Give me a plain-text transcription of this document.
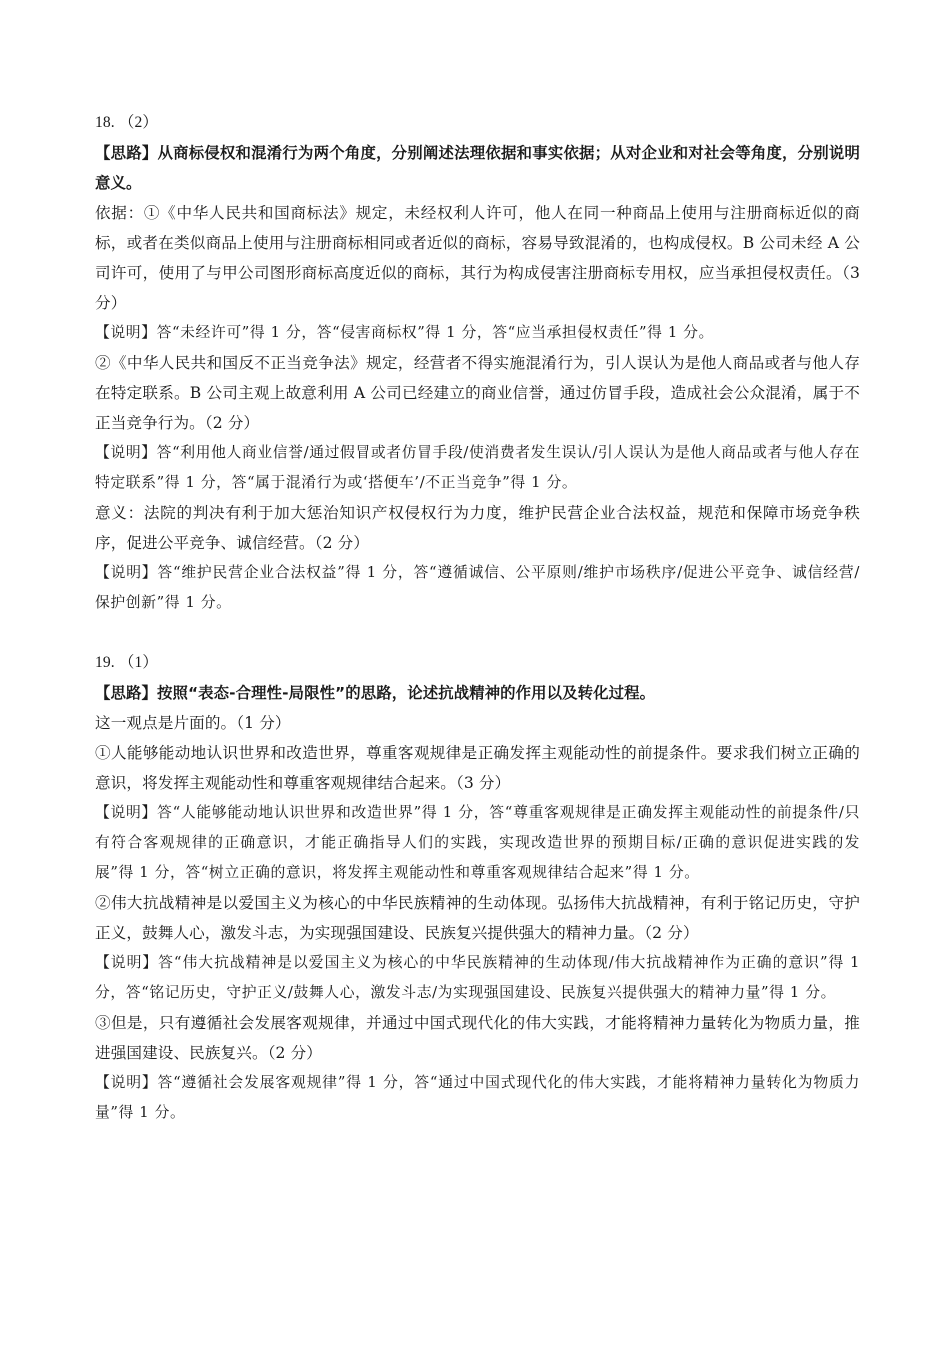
18. （2）

【思路】从商标侵权和混淆行为两个角度，分别阐述法理依据和事实依据；从对企业和对社会等角度，分别说明意义。

依据：①《中华人民共和国商标法》规定，未经权利人许可，他人在同一种商品上使用与注册商标近似的商标，或者在类似商品上使用与注册商标相同或者近似的商标，容易导致混淆的，也构成侵权。B 公司未经 A 公司许可，使用了与甲公司图形商标高度近似的商标，其行为构成侵害注册商标专用权，应当承担侵权责任。（3 分）

【说明】答“未经许可”得 1 分，答“侵害商标权”得 1 分，答“应当承担侵权责任”得 1 分。

②《中华人民共和国反不正当竞争法》规定，经营者不得实施混淆行为，引人误认为是他人商品或者与他人存在特定联系。B 公司主观上故意利用 A 公司已经建立的商业信誉，通过仿冒手段，造成社会公众混淆，属于不正当竞争行为。（2 分）

【说明】答“利用他人商业信誉/通过假冒或者仿冒手段/使消费者发生误认/引人误认为是他人商品或者与他人存在特定联系”得 1 分，答“属于混淆行为或‘搭便车’/不正当竞争”得 1 分。

意义：法院的判决有利于加大惩治知识产权侵权行为力度，维护民营企业合法权益，规范和保障市场竞争秩序，促进公平竞争、诚信经营。（2 分）

【说明】答“维护民营企业合法权益”得 1 分，答“遵循诚信、公平原则/维护市场秩序/促进公平竞争、诚信经营/保护创新”得 1 分。

19. （1）

【思路】按照“表态-合理性-局限性”的思路，论述抗战精神的作用以及转化过程。

这一观点是片面的。（1 分）

①人能够能动地认识世界和改造世界，尊重客观规律是正确发挥主观能动性的前提条件。要求我们树立正确的意识，将发挥主观能动性和尊重客观规律结合起来。（3 分）

【说明】答“人能够能动地认识世界和改造世界”得 1 分，答“尊重客观规律是正确发挥主观能动性的前提条件/只有符合客观规律的正确意识，才能正确指导人们的实践，实现改造世界的预期目标/正确的意识促进实践的发展”得 1 分，答“树立正确的意识，将发挥主观能动性和尊重客观规律结合起来”得 1 分。

②伟大抗战精神是以爱国主义为核心的中华民族精神的生动体现。弘扬伟大抗战精神，有利于铭记历史，守护正义，鼓舞人心，激发斗志，为实现强国建设、民族复兴提供强大的精神力量。（2 分）

【说明】答“伟大抗战精神是以爱国主义为核心的中华民族精神的生动体现/伟大抗战精神作为正确的意识”得 1 分，答“铭记历史，守护正义/鼓舞人心，激发斗志/为实现强国建设、民族复兴提供强大的精神力量”得 1 分。

③但是，只有遵循社会发展客观规律，并通过中国式现代化的伟大实践，才能将精神力量转化为物质力量，推进强国建设、民族复兴。（2 分）

【说明】答“遵循社会发展客观规律”得 1 分，答“通过中国式现代化的伟大实践，才能将精神力量转化为物质力量”得 1 分。
